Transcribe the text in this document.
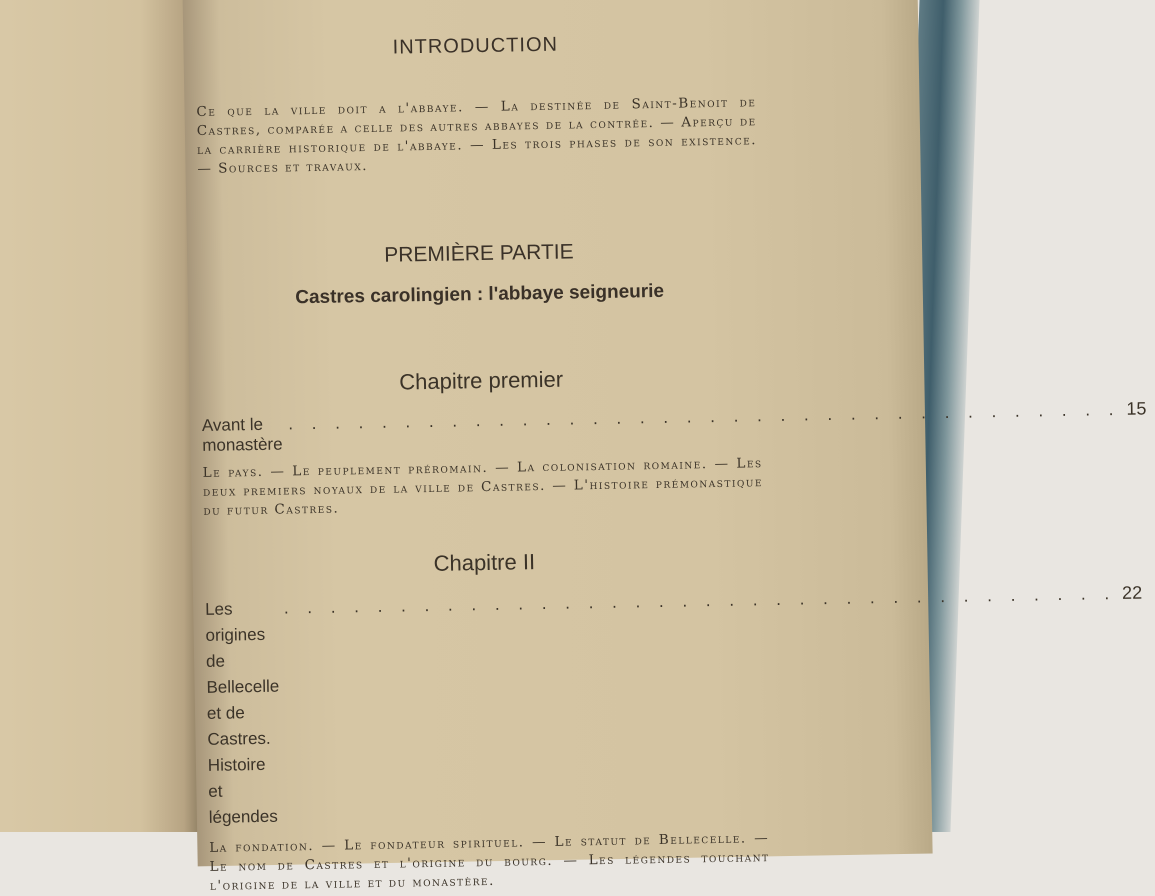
INTRODUCTION
Ce que la ville doit a l'abbaye. — La destinée de Saint-Benoit de Castres, comparée a celle des autres abbayes de la contrée. — Aperçu de la carrière historique de l'abbaye. — Les trois phases de son existence. — Sources et travaux.
PREMIÈRE PARTIE
Castres carolingien : l'abbaye seigneurie
Chapitre premier
Avant le monastère
. . . . . . . . . . . . . . . . . . . . . . . . . . . . . . . . . . . . 15
Le pays. — Le peuplement préromain. — La colonisation romaine. — Les deux premiers noyaux de la ville de Castres. — L'histoire prémonastique du futur Castres.
Chapitre II
Les origines de Bellecelle et de Castres. Histoire et légendes
. . . . . . . . . . . . . . . . . . . . . . . . . . . . . . . . . . . . 22
La fondation. — Le fondateur spirituel. — Le statut de Bellecelle. — Le nom de Castres et l'origine du bourg. — Les légendes touchant l'origine de la ville et du monastère.
